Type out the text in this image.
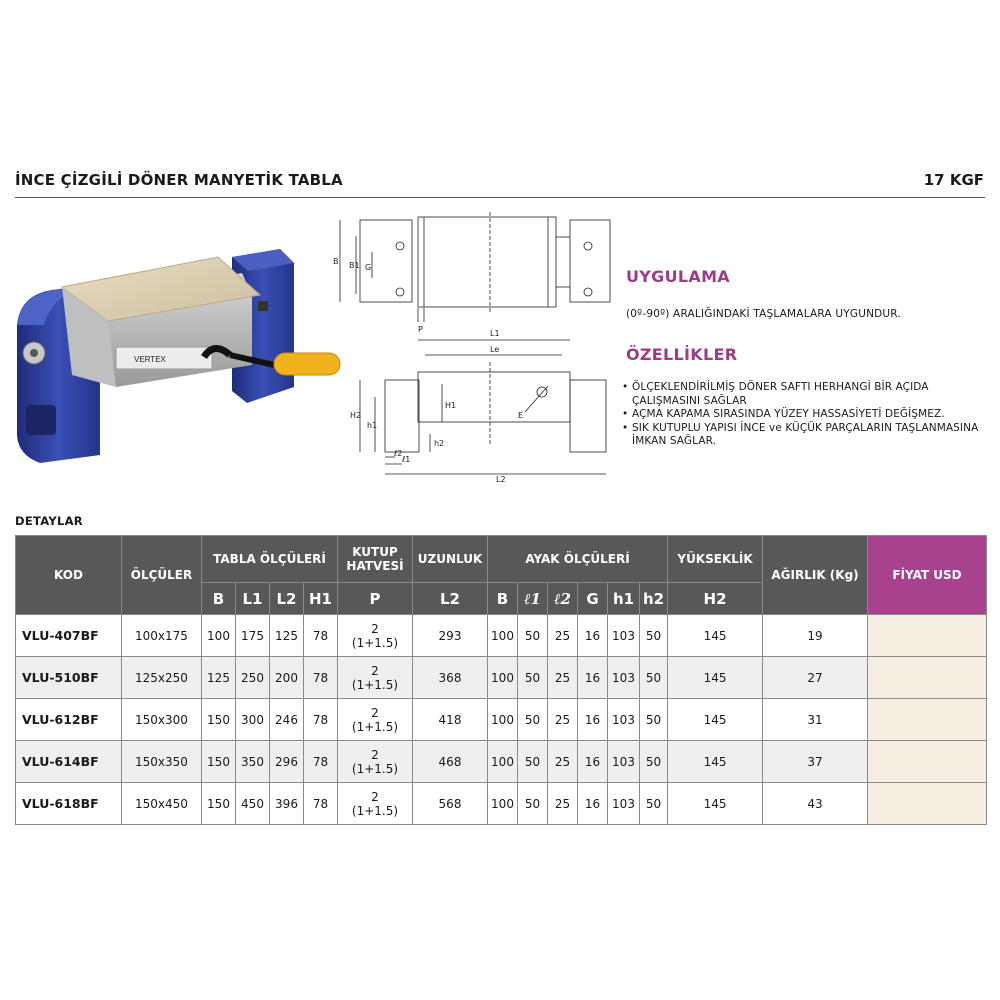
İNCE ÇİZGİLİ DÖNER MANYETİK TABLA	17 KGF
VERTEX
B B1 G
P	L1
Le
H2
H1
h1
h2
L2
ℓ1
ℓ2
E
UYGULAMA
(0º-90º) ARALIĞINDAKİ TAŞLAMALARA UYGUNDUR.
ÖZELLİKLER
• ÖLÇEKLENDİRİLMİŞ DÖNER SAFTI HERHANGİ BİR AÇIDA ÇALIŞMASINI SAĞLAR
• AÇMA KAPAMA SIRASINDA YÜZEY HASSASİYETİ DEĞİŞMEZ.
• SIK KUTUPLU YAPISI İNCE ve KÜÇÜK PARÇALARIN TAŞLANMASINA İMKAN SAĞLAR.
DETAYLAR
KOD	ÖLÇÜLER	TABLA ÖLÇÜLERİ				KUTUP HATVESİ	UZUNLUK	AYAK ÖLÇÜLERİ						YÜKSEKLİK	AĞIRLIK (Kg)	FİYAT USD
		B	L1	L2	H1	P	L2	B	ℓ1	ℓ2	G	h1	h2	H2		
VLU-407BF	100x175	100	175	125	78	2
(1+1.5)	293	100	50	25	16	103	50	145	19	
VLU-510BF	125x250	125	250	200	78	2
(1+1.5)	368	100	50	25	16	103	50	145	27	
VLU-612BF	150x300	150	300	246	78	2
(1+1.5)	418	100	50	25	16	103	50	145	31	
VLU-614BF	150x350	150	350	296	78	2
(1+1.5)	468	100	50	25	16	103	50	145	37	
VLU-618BF	150x450	150	450	396	78	2
(1+1.5)	568	100	50	25	16	103	50	145	43	
